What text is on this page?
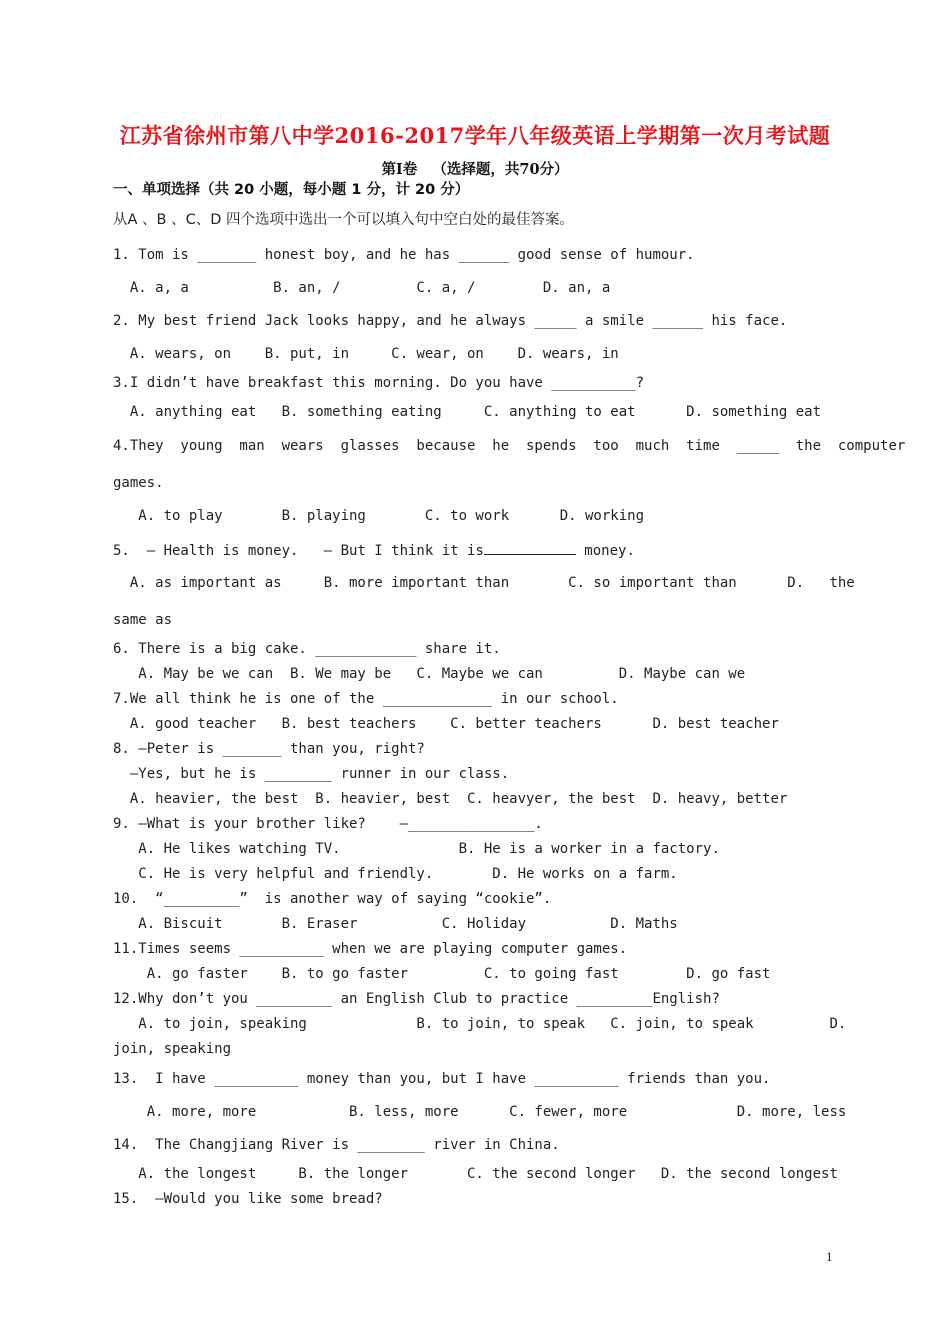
江苏省徐州市第八中学2016-2017学年八年级英语上学期第一次月考试题
第Ⅰ卷   （选择题，共70分）
一、单项选择（共 20 小题，每小题 1 分，计 20 分）
从A 、B 、C、D 四个选项中选出一个可以填入句中空白处的最佳答案。
1. Tom is _______ honest boy, and he has ______ good sense of humour.
A. a, a          B. an, /         C. a, /        D. an, a
2. My best friend Jack looks happy, and he always _____ a smile ______ his face.
A. wears, on    B. put, in     C. wear, on    D. wears, in
3.I didn’t have breakfast this morning. Do you have __________?
A. anything eat   B. something eating     C. anything to eat      D. something eat
4.They  young  man  wears  glasses  because  he  spends  too  much  time  _____  the  computer
games.
A. to play       B. playing       C. to work      D. working
A. as important as     B. more important than       C. so important than      D.   the
same as
6. There is a big cake. ____________ share it.
A. May be we can  B. We may be   C. Maybe we can         D. Maybe can we
7.We all think he is one of the _____________ in our school.
A. good teacher   B. best teachers    C. better teachers      D. best teacher
8. —Peter is _______ than you, right?
—Yes, but he is ________ runner in our class.
A. heavier, the best  B. heavier, best  C. heavyer, the best  D. heavy, better
9. —What is your brother like?    —_______________.
A. He likes watching TV.              B. He is a worker in a factory.
C. He is very helpful and friendly.       D. He works on a farm.
10.  “_________”  is another way of saying “cookie”.
A. Biscuit       B. Eraser          C. Holiday          D. Maths
11.Times seems __________ when we are playing computer games.
A. go faster    B. to go faster         C. to going fast        D. go fast
12.Why don’t you _________ an English Club to practice _________English?
A. to join, speaking             B. to join, to speak   C. join, to speak         D.
join, speaking
13.  I have __________ money than you, but I have __________ friends than you.
A. more, more           B. less, more      C. fewer, more             D. more, less
14.  The Changjiang River is ________ river in China.
A. the longest     B. the longer       C. the second longer   D. the second longest
15.  —Would you like some bread?
5.  — Health is money.   — But I think it is	money.
1
